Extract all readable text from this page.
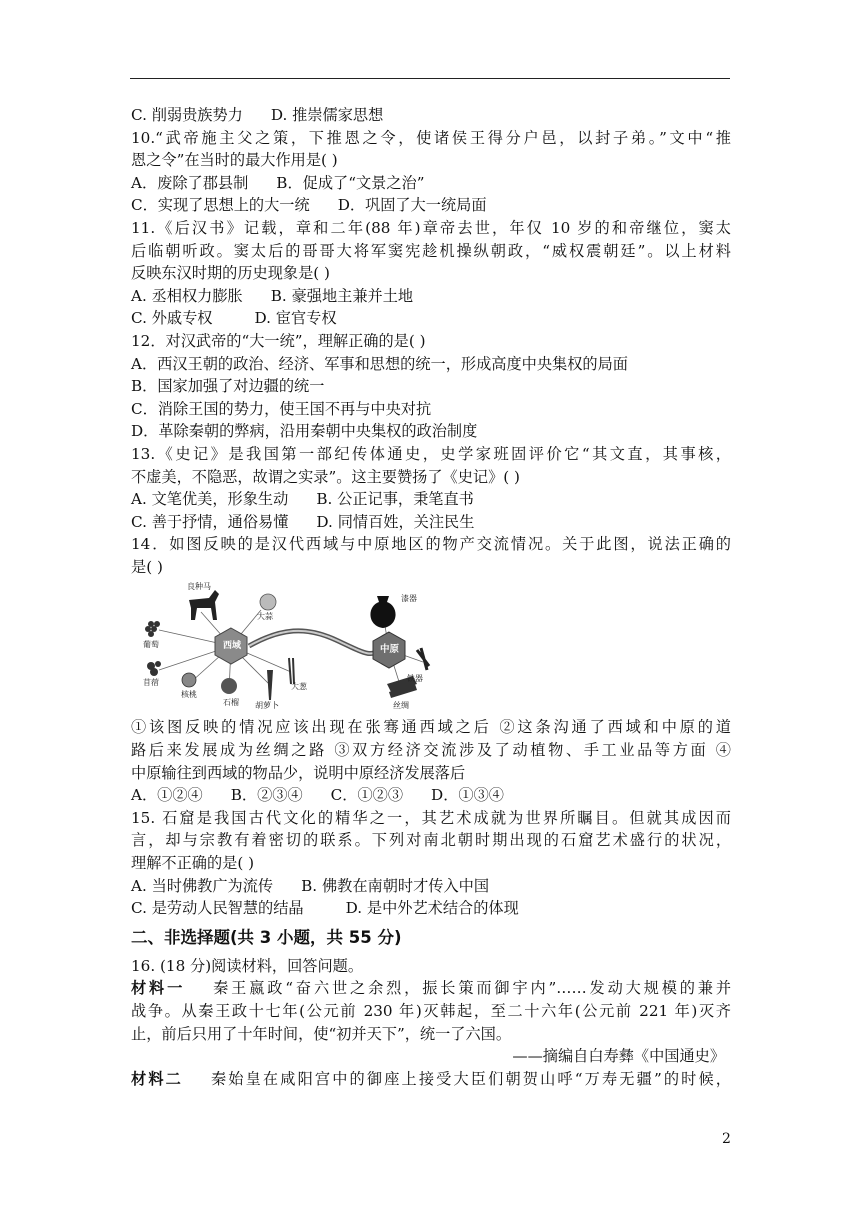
C. 削弱贵族势力 D. 推崇儒家思想
10.“武帝施主父之策，下推恩之令，使诸侯王得分户邑，以封子弟。”文中“推
恩之令”在当时的最大作用是( )
A．废除了郡县制 B．促成了“文景之治”
C．实现了思想上的大一统 D．巩固了大一统局面
11.《后汉书》记载，章和二年(88 年)章帝去世，年仅 10 岁的和帝继位，窦太
后临朝听政。窦太后的哥哥大将军窦宪趁机操纵朝政，“威权震朝廷”。以上材料
反映东汉时期的历史现象是( )
A. 丞相权力膨胀 B. 豪强地主兼并土地
C. 外戚专权	D. 宦官专权
12．对汉武帝的“大一统”，理解正确的是( )
A．西汉王朝的政治、经济、军事和思想的统一，形成高度中央集权的局面
B．国家加强了对边疆的统一
C．消除王国的势力，使王国不再与中央对抗
D．革除秦朝的弊病，沿用秦朝中央集权的政治制度
13.《史记》是我国第一部纪传体通史，史学家班固评价它“其文直，其事核，
不虚美，不隐恶，故谓之实录”。这主要赞扬了《史记》( )
A. 文笔优美，形象生动 B. 公正记事，秉笔直书
C. 善于抒情，通俗易懂 D. 同情百姓，关注民生
14．如图反映的是汉代西域与中原地区的物产交流情况。关于此图，说法正确的
是( )
西域	中原
良种马
大蒜
葡萄
苜蓿
核桃
石榴 胡萝卜
大葱
漆器
铁器
丝绸
①该图反映的情况应该出现在张骞通西域之后 ②这条沟通了西域和中原的道
路后来发展成为丝绸之路 ③双方经济交流涉及了动植物、手工业品等方面 ④
中原输往到西域的物品少，说明中原经济发展落后
A．①②④ B．②③④ C．①②③ D．①③④
15. 石窟是我国古代文化的精华之一，其艺术成就为世界所瞩目。但就其成因而
言，却与宗教有着密切的联系。下列对南北朝时期出现的石窟艺术盛行的状况，
理解不正确的是( )
A. 当时佛教广为流传 B. 佛教在南朝时才传入中国
C. 是劳动人民智慧的结晶	D. 是中外艺术结合的体现
二、非选择题(共 3 小题，共 55 分)
16. (18 分)阅读材料，回答问题。
材料一 秦王嬴政“奋六世之余烈，振长策而御宇内”……发动大规模的兼并
战争。从秦王政十七年(公元前 230 年)灭韩起，至二十六年(公元前 221 年)灭齐
止，前后只用了十年时间，使“初并天下”，统一了六国。
——摘编自白寿彝《中国通史》
材料二 秦始皇在咸阳宫中的御座上接受大臣们朝贺山呼“万寿无疆”的时候，
2
